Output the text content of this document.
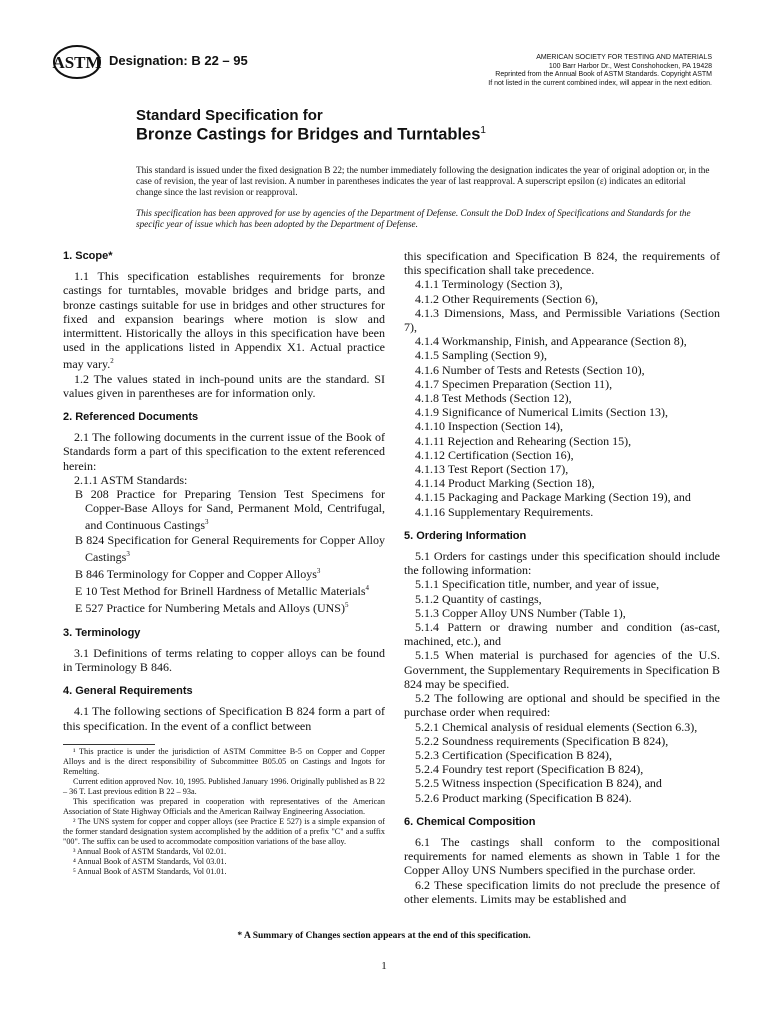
ASTM Designation: B 22 – 95	AMERICAN SOCIETY FOR TESTING AND MATERIALS
100 Barr Harbor Dr., West Conshohocken, PA 19428
Reprinted from the Annual Book of ASTM Standards. Copyright ASTM
If not listed in the current combined index, will appear in the next edition.
Standard Specification for
Bronze Castings for Bridges and Turntables$^1$
This standard is issued under the fixed designation B 22; the number immediately following the designation indicates the year of original adoption or, in the case of revision, the year of last revision. A number in parentheses indicates the year of last reapproval. A superscript epsilon (ε) indicates an editorial change since the last revision or reapproval.
This specification has been approved for use by agencies of the Department of Defense. Consult the DoD Index of Specifications and Standards for the specific year of issue which has been adopted by the Department of Defense.
1. Scope*

1.1 This specification establishes requirements for bronze castings for turntables, movable bridges and bridge parts, and bronze castings suitable for use in bridges and other structures for fixed and expansion bearings where motion is slow and intermittent. Historically the alloys in this specification have been used in the applications listed in Appendix X1. Actual practice may vary.$^2$

1.2 The values stated in inch-pound units are the standard. SI values given in parentheses are for information only.

2. Referenced Documents

2.1 The following documents in the current issue of the Book of Standards form a part of this specification to the extent referenced herein:

2.1.1 ASTM Standards:

B 208 Practice for Preparing Tension Test Specimens for Copper-Base Alloys for Sand, Permanent Mold, Centrifugal, and Continuous Castings$^3$

B 824 Specification for General Requirements for Copper Alloy Castings$^3$

B 846 Terminology for Copper and Copper Alloys$^3$

E 10 Test Method for Brinell Hardness of Metallic Materials$^4$

E 527 Practice for Numbering Metals and Alloys (UNS)$^5$

3. Terminology

3.1 Definitions of terms relating to copper alloys can be found in Terminology B 846.

4. General Requirements

4.1 The following sections of Specification B 824 form a part of this specification. In the event of a conflict between

¹ This practice is under the jurisdiction of ASTM Committee B-5 on Copper and Copper Alloys and is the direct responsibility of Subcommittee B05.05 on Castings and Ingots for Remelting.

Current edition approved Nov. 10, 1995. Published January 1996. Originally published as B 22 – 36 T. Last previous edition B 22 – 93a.

This specification was prepared in cooperation with representatives of the American Association of State Highway Officials and the American Railway Engineering Association.

² The UNS system for copper and copper alloys (see Practice E 527) is a simple expansion of the former standard designation system accomplished by the addition of a prefix "C" and a suffix "00". The suffix can be used to accommodate composition variations of the base alloy.

³ Annual Book of ASTM Standards, Vol 02.01.

⁴ Annual Book of ASTM Standards, Vol 03.01.

⁵ Annual Book of ASTM Standards, Vol 01.01.

this specification and Specification B 824, the requirements of this specification shall take precedence.

4.1.1 Terminology (Section 3),

4.1.2 Other Requirements (Section 6),

4.1.3 Dimensions, Mass, and Permissible Variations (Section 7),

4.1.4 Workmanship, Finish, and Appearance (Section 8),

4.1.5 Sampling (Section 9),

4.1.6 Number of Tests and Retests (Section 10),

4.1.7 Specimen Preparation (Section 11),

4.1.8 Test Methods (Section 12),

4.1.9 Significance of Numerical Limits (Section 13),

4.1.10 Inspection (Section 14),

4.1.11 Rejection and Rehearing (Section 15),

4.1.12 Certification (Section 16),

4.1.13 Test Report (Section 17),

4.1.14 Product Marking (Section 18),

4.1.15 Packaging and Package Marking (Section 19), and

4.1.16 Supplementary Requirements.

5. Ordering Information

5.1 Orders for castings under this specification should include the following information:

5.1.1 Specification title, number, and year of issue,

5.1.2 Quantity of castings,

5.1.3 Copper Alloy UNS Number (Table 1),

5.1.4 Pattern or drawing number and condition (as-cast, machined, etc.), and

5.1.5 When material is purchased for agencies of the U.S. Government, the Supplementary Requirements in Specification B 824 may be specified.

5.2 The following are optional and should be specified in the purchase order when required:

5.2.1 Chemical analysis of residual elements (Section 6.3),

5.2.2 Soundness requirements (Specification B 824),

5.2.3 Certification (Specification B 824),

5.2.4 Foundry test report (Specification B 824),

5.2.5 Witness inspection (Specification B 824), and

5.2.6 Product marking (Specification B 824).

6. Chemical Composition

6.1 The castings shall conform to the compositional requirements for named elements as shown in Table 1 for the Copper Alloy UNS Numbers specified in the purchase order.

6.2 These specification limits do not preclude the presence of other elements. Limits may be established and

* A Summary of Changes section appears at the end of this specification.
1
